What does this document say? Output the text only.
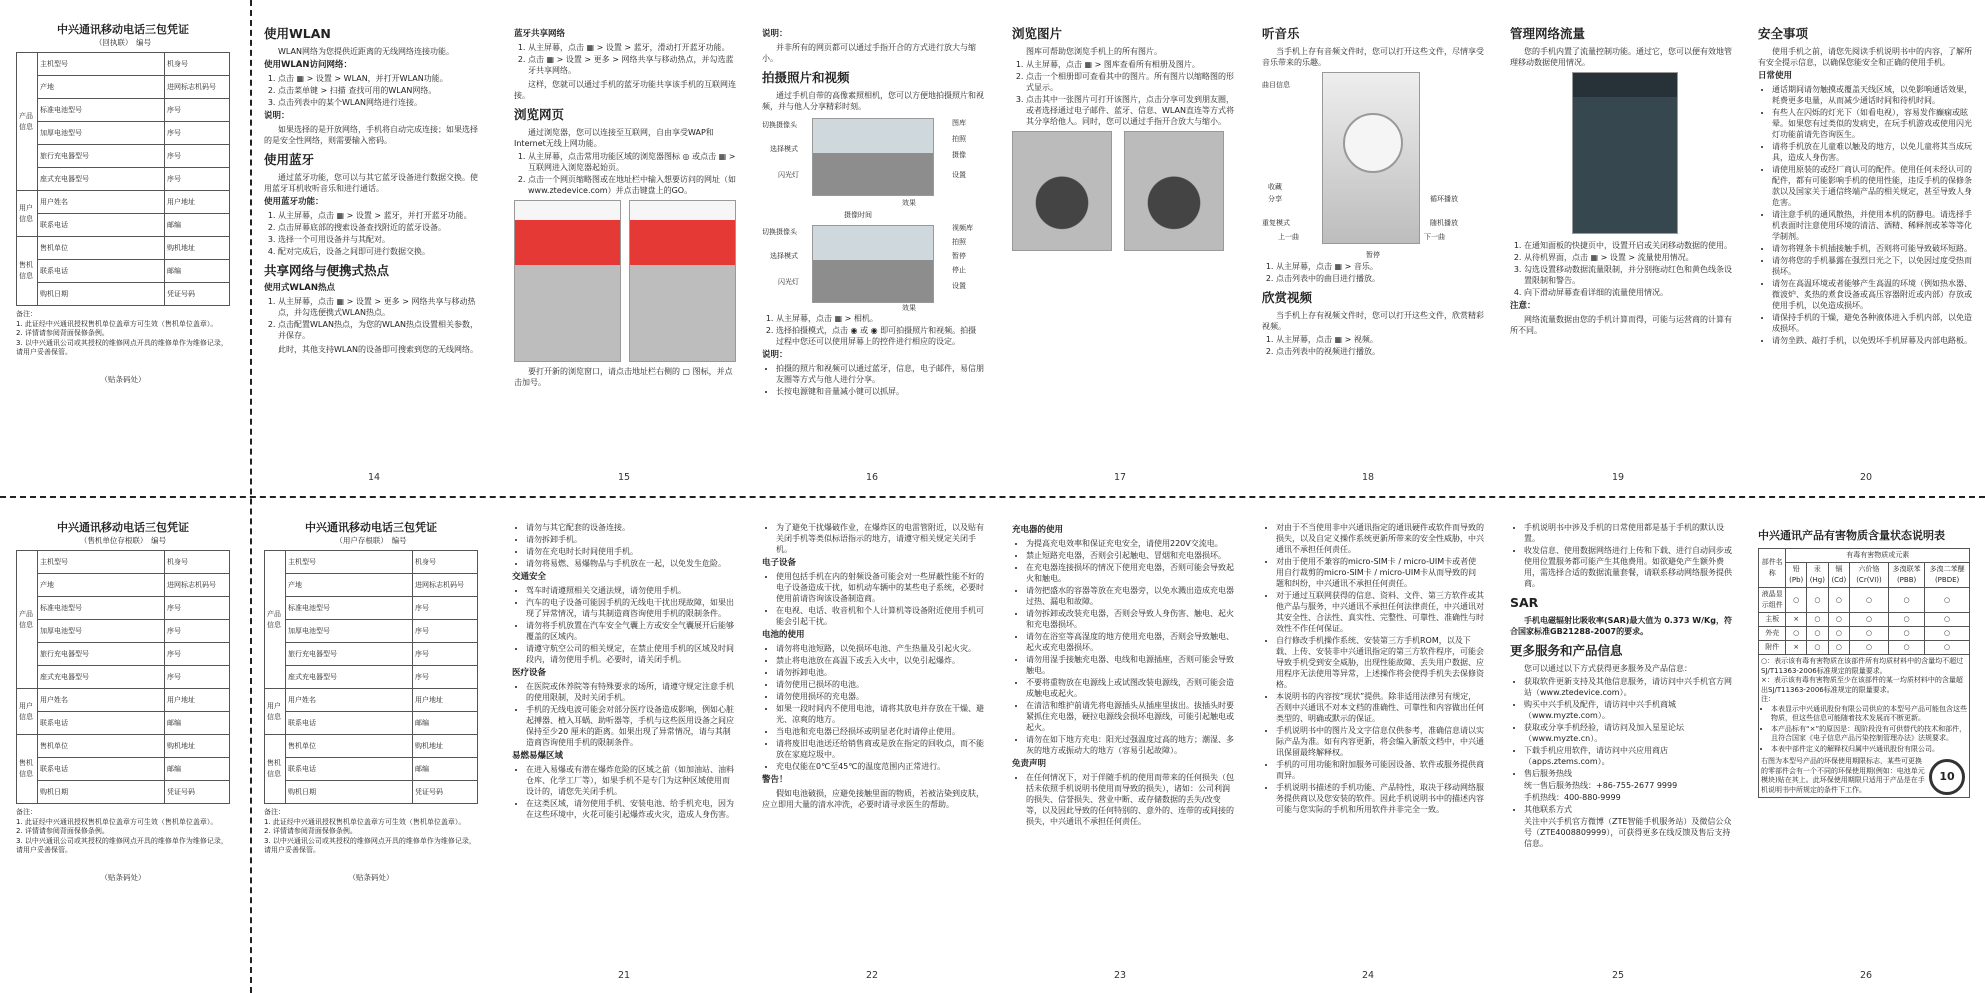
中兴通讯移动电话三包凭证
（回执联）　编号
产品信息	主机型号	机身号
	产地	进网标志机码号
	标准电池型号	序号
	加厚电池型号	序号
	旅行充电器型号	序号
	座式充电器型号	序号
用户信息	用户姓名	用户地址
	联系电话	邮编
售机信息	售机单位	购机地址
	联系电话	邮编
	购机日期	凭证号码
备注：
1. 此证经中兴通讯授权售机单位盖章方可生效（售机单位盖章）。
2. 详情请参阅背面保修条例。
3. 以中兴通讯公司或其授权的维修网点开具的维修单作为维修记录，请用户妥善保管。
（贴条码处）
中兴通讯移动电话三包凭证
（售机单位存根联）　编号
产品信息	主机型号	机身号
	产地	进网标志机码号
	标准电池型号	序号
	加厚电池型号	序号
	旅行充电器型号	序号
	座式充电器型号	序号
用户信息	用户姓名	用户地址
	联系电话	邮编
售机信息	售机单位	购机地址
	联系电话	邮编
	购机日期	凭证号码
备注：
1. 此证经中兴通讯授权售机单位盖章方可生效（售机单位盖章）。
2. 详情请参阅背面保修条例。
3. 以中兴通讯公司或其授权的维修网点开具的维修单作为维修记录，请用户妥善保管。
（贴条码处）
中兴通讯移动电话三包凭证
（用户存根联）　编号
产品信息	主机型号	机身号
	产地	进网标志机码号
	标准电池型号	序号
	加厚电池型号	序号
	旅行充电器型号	序号
	座式充电器型号	序号
用户信息	用户姓名	用户地址
	联系电话	邮编
售机信息	售机单位	购机地址
	联系电话	邮编
	购机日期	凭证号码
备注：
1. 此证经中兴通讯授权售机单位盖章方可生效（售机单位盖章）。
2. 详情请参阅背面保修条例。
3. 以中兴通讯公司或其授权的维修网点开具的维修单作为维修记录，请用户妥善保管。
（贴条码处）
使用WLAN
WLAN网络为您提供近距离的无线网络连接功能。
使用WLAN访问网络：
1. 点击 ▦ > 设置 > WLAN，并打开WLAN功能。
2. 点击菜单键 > 扫描 查找可用的WLAN网络。
3. 点击列表中的某个WLAN网络进行连接。
说明：
如果选择的是开放网络，手机将自动完成连接；如果选择的是安全性网络，则需要输入密码。
使用蓝牙
通过蓝牙功能，您可以与其它蓝牙设备进行数据交换。使用蓝牙耳机收听音乐和进行通话。
使用蓝牙功能：
1. 从主屏幕，点击 ▦ > 设置 > 蓝牙，并打开蓝牙功能。
2. 点击屏幕底部的搜索设备查找附近的蓝牙设备。
3. 选择一个可用设备并与其配对。
4. 配对完成后，设备之间即可进行数据交换。
共享网络与便携式热点
使用式WLAN热点
1. 从主屏幕，点击 ▦ > 设置 > 更多 > 网络共享与移动热点，并勾选便携式WLAN热点。
2. 点击配置WLAN热点，为您的WLAN热点设置相关参数，并保存。
此时，其他支持WLAN的设备即可搜索到您的无线网络。
蓝牙共享网络
1. 从主屏幕，点击 ▦ > 设置 > 蓝牙，滑动打开蓝牙功能。
2. 点击 ▦ > 设置 > 更多 > 网络共享与移动热点，并勾选蓝牙共享网络。
这样，您就可以通过手机的蓝牙功能共享该手机的互联网连接。
浏览网页
通过浏览器，您可以连接至互联网，自由享受WAP和Internet无线上网功能。
1. 从主屏幕，点击常用功能区域的浏览器图标 ◎ 或点击 ▦ > 互联网进入浏览器起始页。
2. 点击一个网页缩略图或在地址栏中输入想要访问的网址（如www.ztedevice.com）并点击键盘上的GO。
要打开新的浏览窗口，请点击地址栏右侧的 ▢ 图标，并点击加号。
说明：
并非所有的网页都可以通过手指开合的方式进行放大与缩小。
拍摄照片和视频
通过手机自带的高像素照相机，您可以方便地拍摄照片和视频，并与他人分享精彩时刻。
切换摄像头
选择模式
闪光灯
图库
拍照
摄像
设置
效果
摄像时间
切换摄像头
选择模式
闪光灯
视频库
拍照
暂停
停止
设置
效果
1. 从主屏幕，点击 ▦ > 相机。
2. 选择拍摄模式，点击 ◉ 或 ◉ 即可拍摄照片和视频。拍摄过程中您还可以使用屏幕上的控件进行相应的设定。
说明：
• 拍摄的照片和视频可以通过蓝牙，信息，电子邮件，易信朋友圈等方式与他人进行分享。
• 长按电源键和音量减小键可以抓屏。
浏览图片
图库可帮助您浏览手机上的所有图片。
1. 从主屏幕，点击 ▦ > 图库查看所有相册及图片。
2. 点击一个相册即可查看其中的图片。所有图片以缩略图的形式显示。
3. 点击其中一张图片可打开该图片，点击分享可发到朋友圈，或者选择通过电子邮件、蓝牙、信息、WLAN直连等方式将其分享给他人。同时，您可以通过手指开合放大与缩小。
听音乐
当手机上存有音频文件时，您可以打开这些文件，尽情享受音乐带来的乐趣。
曲目信息
收藏
分享
重复模式
上一曲
循环播放
随机播放
下一曲
暂停
1. 从主屏幕，点击 ▦ > 音乐。
2. 点击列表中的曲目进行播放。
欣赏视频
当手机上存有视频文件时，您可以打开这些文件，欣赏精彩视频。
1. 从主屏幕，点击 ▦ > 视频。
2. 点击列表中的视频进行播放。
管理网络流量
您的手机内置了流量控制功能。通过它，您可以便有效地管理移动数据使用情况。
1. 在通知面板的快捷页中，设置开启或关闭移动数据的使用。
2. 从待机界面，点击 ▦ > 设置 > 流量使用情况。
3. 勾选设置移动数据流量限制，并分别拖动红色和黄色线条设置限制和警告。
4. 向下滑动屏幕查看详细的流量使用情况。
注意：
网络流量数据由您的手机计算而得，可能与运营商的计算有所不同。
安全事项
使用手机之前，请您先阅读手机说明书中的内容，了解所有安全提示信息，以确保您能安全和正确的使用手机。
日常使用
• 通话期间请勿触摸或覆盖天线区域，以免影响通话效果，耗费更多电量，从而减少通话时间和待机时间。
• 有些人在闪烁的灯光下（如看电视），容易发作癫痫或眩晕。如果您有过类似的发病史，在玩手机游戏或使用闪光灯功能前请先咨询医生。
• 请将手机放在儿童难以触及的地方，以免儿童将其当成玩具，造成人身伤害。
• 请使用原装的或经厂商认可的配件。使用任何未经认可的配件，都有可能影响手机的使用性能，违反手机的保修条款以及国家关于通信终端产品的相关规定，甚至导致人身危害。
• 请注意手机的通风散热，并使用本机的防静电。请选择手机表面时注意使用环境的清洁、酒精、稀释剂或苯等等化学制剂。
• 请勿将锂条卡机插接触手机，否则将可能导致破坏短路。
• 请勿将您的手机暴露在强烈日光之下，以免因过度受热而损坏。
• 请勿在高温环境或者能够产生高温的环境（例如热水器、微波炉、炙热的煮食设备或高压容器附近或内部）存放或使用手机，以免造成损坏。
• 请保持手机的干燥，避免各种液体进入手机内部，以免造成损坏。
• 请勿坐跌、敲打手机，以免毁坏手机屏幕及内部电路板。
• 请勿与其它配套的设备连接。
• 请勿拆卸手机。
• 请勿在充电时长时间使用手机。
• 请勿将易燃、易爆物品与手机放在一起，以免发生危险。
交通安全
• 驾车时请遵照相关交通法规，请勿使用手机。
• 汽车的电子设备可能因手机的无线电干扰出现故障，如果出现了异常情况，请与其制造商咨询使用手机的限制条件。
• 请勿将手机放置在汽车安全气囊上方或安全气囊展开后能够覆盖的区域内。
• 请遵守航空公司的相关规定，在禁止使用手机的区域及时间段内，请勿使用手机。必要时，请关闭手机。
医疗设备
• 在医院或休养院等有特殊要求的场所，请遵守规定注意手机的使用限制，及时关闭手机。
• 手机的无线电波可能会对部分医疗设备造成影响，例如心脏起搏器、植入耳蜗、助听器等，手机与这些医用设备之间应保持至少20 厘米的距离。如果出现了异常情况，请与其制造商咨询使用手机的限制条件。
易燃易爆区域
• 在进入易爆或有潜在爆炸危险的区域之前（如加油站、油料仓库、化学工厂等），如果手机不是专门为这种区域使用而设计的，请您先关闭手机。
• 在这类区域，请勿使用手机、安装电池、给手机充电，因为在这些环境中，火花可能引起爆炸或火灾，造成人身伤害。
• 为了避免干扰爆破作业，在爆炸区的电雷管附近，以及贴有关闭手机等类似标语指示的地方，请遵守相关规定关闭手机。
电子设备
• 使用包括手机在内的射频设备可能会对一些屏蔽性能不好的电子设备造成干扰，如机动车辆中的某些电子系统，必要时使用前请咨询该设备制造商。
• 在电视、电话、收音机和个人计算机等设备附近使用手机可能会引起干扰。
电池的使用
• 请勿将电池短路，以免损坏电池、产生热量及引起火灾。
• 禁止将电池放在高温下或丢入火中，以免引起爆炸。
• 请勿拆卸电池。
• 请勿使用已损坏的电池。
• 请勿使用损坏的充电器。
• 如果一段时间内不使用电池，请将其放电并存放在干燥、避光、凉爽的地方。
• 当电池和充电器已经损坏或明显老化时请停止使用。
• 请将废旧电池送还给销售商或是放在指定的回收点，而不能放在家庭垃圾中。
• 充电仅能在0℃至45℃的温度范围内正常进行。
警告！
假如电池破损，应避免接触里面的物质，若被沾染到皮肤，应立即用大量的清水冲洗，必要时请寻求医生的帮助。
充电器的使用
• 为提高充电效率和保证充电安全，请使用220V交流电。
• 禁止短路充电器，否则会引起触电、冒烟和充电器损坏。
• 在充电器连接损坏的情况下使用充电器，否则可能会导致起火和触电。
• 请勿把盛水的容器等放在充电器旁，以免水溅出造成充电器过热、漏电和故障。
• 请勿拆卸或改装充电器，否则会导致人身伤害、触电、起火和充电器损坏。
• 请勿在浴室等高湿度的地方使用充电器，否则会导致触电、起火或充电器损坏。
• 请勿用湿手接触充电器、电线和电源插座，否则可能会导致触电。
• 不要将重物放在电源线上或试图改装电源线，否则可能会造成触电或起火。
• 在清洁和维护前请先将电源插头从插座里拔出。拔插头时要紧抓住充电器，硬拉电源线会损坏电源线，可能引起触电或起火。
• 请勿在如下地方充电：阳光过强温度过高的地方；潮湿、多灰的地方或振动大的地方（容易引起故障）。
免责声明
• 在任何情况下，对于伴随手机的使用而带来的任何损失（包括未依照手机说明书使用而导致的损失），诸如：公司利润的损失、信誉损失、营业中断、或存储数据的丢失/改变等，以及因此导致的任何特别的、意外的、连带的或间接的损失，中兴通讯不承担任何责任。
• 对由于不当使用非中兴通讯指定的通讯硬件或软件而导致的损失，以及自定义操作系统更新所带来的安全性威胁，中兴通讯不承担任何责任。
• 对由于使用不兼容的micro-SIM卡 / micro-UIM卡或者使用自行裁剪的micro-SIM卡 / micro-UIM卡从而导致的问题和纠纷，中兴通讯不承担任何责任。
• 对于通过互联网获得的信息、资料、文件、第三方软件或其他产品与服务，中兴通讯不承担任何法律责任，中兴通讯对其安全性、合法性、真实性、完整性、可靠性、准确性与时效性不作任何保证。
• 自行修改手机操作系统、安装第三方手机ROM，以及下载、上传、安装非中兴通讯指定的第三方软件程序，可能会导致手机受到安全威胁，出现性能故障、丢失用户数据、应用程序无法使用等异常，上述操作将会使得手机失去保修资格。
• 本说明书的内容按“现状”提供。除非适用法律另有规定，否则中兴通讯不对本文档的准确性、可靠性和内容做出任何类型的、明确或默示的保证。
• 手机说明书中的图片及文字信息仅供参考，准确信息请以实际产品为准。如有内容更新，将会编入新版文档中，中兴通讯保留最终解释权。
• 手机的可用功能和附加服务可能因设备、软件或服务提供商而异。
• 手机说明书描述的手机功能、产品特性，取决于移动网络服务提供商以及您安装的软件。因此手机说明书中的描述内容可能与您实际的手机和所用软件并非完全一致。
• 手机说明书中涉及手机的日常使用都是基于手机的默认设置。
• 收发信息、使用数据网络进行上传和下载、进行自动同步或使用位置服务都可能产生其他费用。如欲避免产生额外费用，需选择合适的数据流量套餐，请联系移动网络服务提供商。
SAR
手机电磁辐射比吸收率(SAR)最大值为 0.373 W/Kg，符合国家标准GB21288-2007的要求。
更多服务和产品信息
您可以通过以下方式获得更多服务及产品信息：
• 获取软件更新支持及其他信息服务，请访问中兴手机官方网站（www.ztedevice.com）。
• 购买中兴手机及配件，请访问中兴手机商城（www.myzte.com）。
• 获取或分享手机经验，请访问及加入星星论坛（www.myzte.cn）。
• 下载手机应用软件，请访问中兴应用商店（apps.ztems.com）。
• 售后服务热线
统一售后服务热线：+86-755-2677 9999
手机热线：400-880-9999
• 其他联系方式
关注中兴手机官方微博（ZTE智能手机服务站）及微信公众号（ZTE4008809999），可获得更多在线反馈及售后支持信息。
中兴通讯产品有害物质含量状态说明表
部件名称	有毒有害物质或元素					
	铅(Pb)	汞(Hg)	镉(Cd)	六价铬(Cr(VI))	多溴联苯(PBB)	多溴二苯醚(PBDE)
液晶显示组件	○	○	○	○	○	○
主板	×	○	○	○	○	○
外壳	○	○	○	○	○	○
附件	×	○	○	○	○	○
○：表示该有毒有害物质在该部件所有均质材料中的含量均不超过SJ/T11363-2006标准规定的限量要求。
×：表示该有毒有害物质至少在该部件的某一均质材料中的含量超出SJ/T11363-2006标准规定的限量要求。
注：
• 本表显示中兴通讯股份有限公司供应的本型号产品可能包含这些物质，但这些信息可能随着技术发展而不断更新。
• 本产品标有“×”的原因是：现阶段没有可供替代的技术和部件，且符合国家《电子信息产品污染控制管理办法》法规要求。
• 本表中部件定义的解释权归属中兴通讯股份有限公司。
右图为本型号产品的环保使用期限标志，某些可更换的零部件会有一个不同的环保使用期(例如：电池单元模块)贴在其上。此环保使用期限只适用于产品是在手机说明书中所规定的条件下工作。
10
14	15	16	17	18	19	20
21	22	23	24	25	26
